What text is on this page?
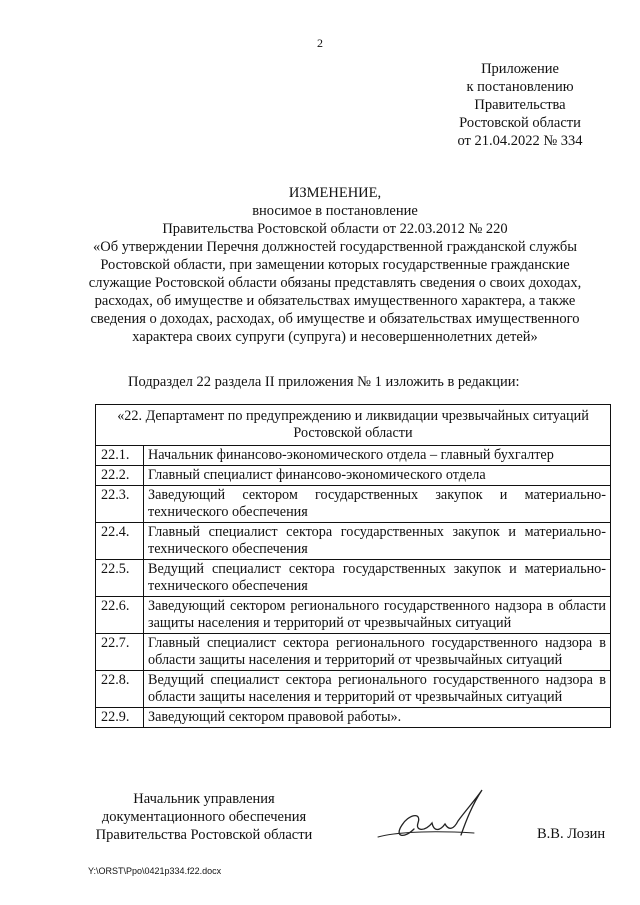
2
Приложение
к постановлению
Правительства
Ростовской области
от 21.04.2022 № 334
ИЗМЕНЕНИЕ,
вносимое в постановление
Правительства Ростовской области от 22.03.2012 № 220
«Об утверждении Перечня должностей государственной гражданской службы
Ростовской области, при замещении которых государственные гражданские
служащие Ростовской области обязаны представлять сведения о своих доходах,
расходах, об имуществе и обязательствах имущественного характера, а также
сведения о доходах, расходах, об имуществе и обязательствах имущественного
характера своих супруги (супруга) и несовершеннолетних детей»
Подраздел 22 раздела II приложения № 1 изложить в редакции:
«22. Департамент по предупреждению и ликвидации чрезвычайных ситуаций Ростовской области	
22.1.	Начальник финансово-экономического отдела – главный бухгалтер
22.2.	Главный специалист финансово-экономического отдела
22.3.	Заведующий сектором государственных закупок и материально-технического обеспечения
22.4.	Главный специалист сектора государственных закупок и материально-технического обеспечения
22.5.	Ведущий специалист сектора государственных закупок и материально-технического обеспечения
22.6.	Заведующий сектором регионального государственного надзора в области защиты населения и территорий от чрезвычайных ситуаций
22.7.	Главный специалист сектора регионального государственного надзора в области защиты населения и территорий от чрезвычайных ситуаций
22.8.	Ведущий специалист сектора регионального государственного надзора в области защиты населения и территорий от чрезвычайных ситуаций
22.9.	Заведующий сектором правовой работы».
Начальник управления
документационного обеспечения
Правительства Ростовской области	В.В. Лозин
Y:\ORST\Ppo\0421p334.f22.docx
